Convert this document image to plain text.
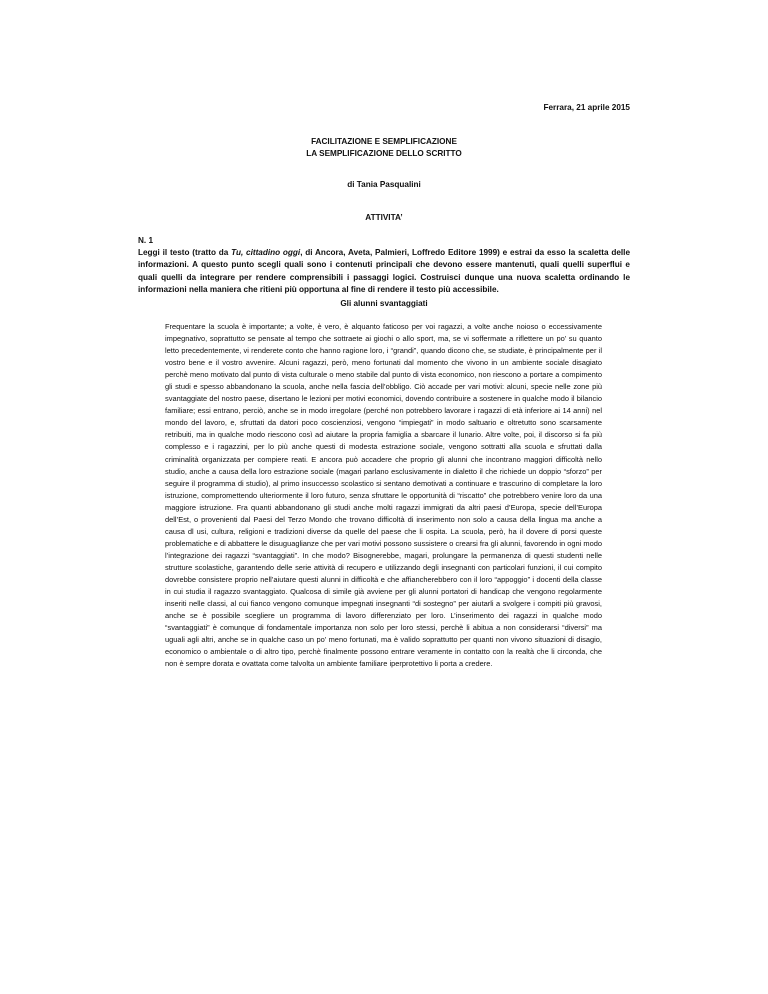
Ferrara, 21 aprile 2015
FACILITAZIONE E SEMPLIFICAZIONE
LA SEMPLIFICAZIONE DELLO SCRITTO
di Tania Pasqualini
ATTIVITA’
N. 1
Leggi il testo (tratto da Tu, cittadino oggi, di Ancora, Aveta, Palmieri, Loffredo Editore 1999) e estrai da esso la scaletta delle informazioni. A questo punto scegli quali sono i contenuti principali che devono essere mantenuti, quali quelli superflui e quali quelli da integrare per rendere comprensibili i passaggi logici. Costruisci dunque una nuova scaletta ordinando le informazioni nella maniera che ritieni più opportuna al fine di rendere il testo più accessibile.
Gli alunni svantaggiati

Frequentare la scuola è importante; a volte, è vero, è alquanto faticoso per voi ragazzi, a volte anche noioso o eccessivamente impegnativo, soprattutto se pensate al tempo che sottraete ai giochi o allo sport, ma, se vi soffermate a riflettere un po’ su quanto letto precedentemente, vi renderete conto che hanno ragione loro, i “grandi”, quando dicono che, se studiate, è principalmente per il vostro bene e il vostro avvenire. Alcuni ragazzi, però, meno fortunati dal momento che vivono in un ambiente sociale disagiato perchè meno motivato dal punto di vista culturale o meno stabile dal punto di vista economico, non riescono a portare a compimento gli studi e spesso abbandonano la scuola, anche nella fascia dell’obbligo. Ciò accade per vari motivi: alcuni, specie nelle zone più svantaggiate del nostro paese, disertano le lezioni per motivi economici, dovendo contribuire a sostenere in qualche modo il bilancio familiare; essi entrano, perciò, anche se in modo irregolare (perché non potrebbero lavorare i ragazzi di età inferiore ai 14 anni) nel mondo del lavoro, e, sfruttati da datori poco coscienziosi, vengono “impiegati” in modo saltuario e oltretutto sono scarsamente retribuiti, ma in qualche modo riescono così ad aiutare la propria famiglia a sbarcare il lunario. Altre volte, poi, il discorso si fa più complesso e i ragazzini, per lo più anche questi di modesta estrazione sociale, vengono sottratti alla scuola e sfruttati dalla criminalità organizzata per compiere reati. E ancora può accadere che proprio gli alunni che incontrano maggiori difficoltà nello studio, anche a causa della loro estrazione sociale (magari parlano esclusivamente in dialetto il che richiede un doppio “sforzo” per seguire il programma di studio), al primo insuccesso scolastico si sentano demotivati a continuare e trascurino di completare la loro istruzione, compromettendo ulteriormente il loro futuro, senza sfruttare le opportunità di “riscatto” che potrebbero venire loro da una maggiore istruzione. Fra quanti abbandonano gli studi anche molti ragazzi immigrati da altri paesi d’Europa, specie dell’Europa dell’Est, o provenienti dal Paesi del Terzo Mondo che trovano difficoltà di inserimento non solo a causa della lingua ma anche a causa dl usi, cultura, religioni e tradizioni diverse da quelle del paese che li ospita. La scuola, però, ha il dovere di porsi queste problematiche e di abbattere le disuguaglianze che per vari motivi possono sussistere o crearsi fra gli alunni, favorendo in ogni modo l’integrazione dei ragazzi “svantaggiati”. In che modo? Bisognerebbe, magari, prolungare la permanenza di questi studenti nelle strutture scolastiche, garantendo delle serie attività di recupero e utilizzando degli insegnanti con particolari funzioni, il cui compito dovrebbe consistere proprio nell’aiutare questi alunni in difficoltà e che affiancherebbero con il loro “appoggio” i docenti della classe in cui studia il ragazzo svantaggiato. Qualcosa di simile già avviene per gli alunni portatori di handicap che vengono regolarmente inseriti nelle classi, al cui fianco vengono comunque impegnati insegnanti “di sostegno” per aiutarli a svolgere i compiti più gravosi, anche se è possibile scegliere un programma di lavoro differenziato per loro. L’inserimento dei ragazzi in qualche modo “svantaggiati” è comunque di fondamentale importanza non solo per loro stessi, perchè li abitua a non considerarsi “diversi” ma uguali agli altri, anche se in qualche caso un po’ meno fortunati, ma è valido soprattutto per quanti non vivono situazioni di disagio, economico o ambientale o di altro tipo, perchè finalmente possono entrare veramente in contatto con la realtà che li circonda, che non è sempre dorata e ovattata come talvolta un ambiente familiare iperprotettivo li porta a credere.
